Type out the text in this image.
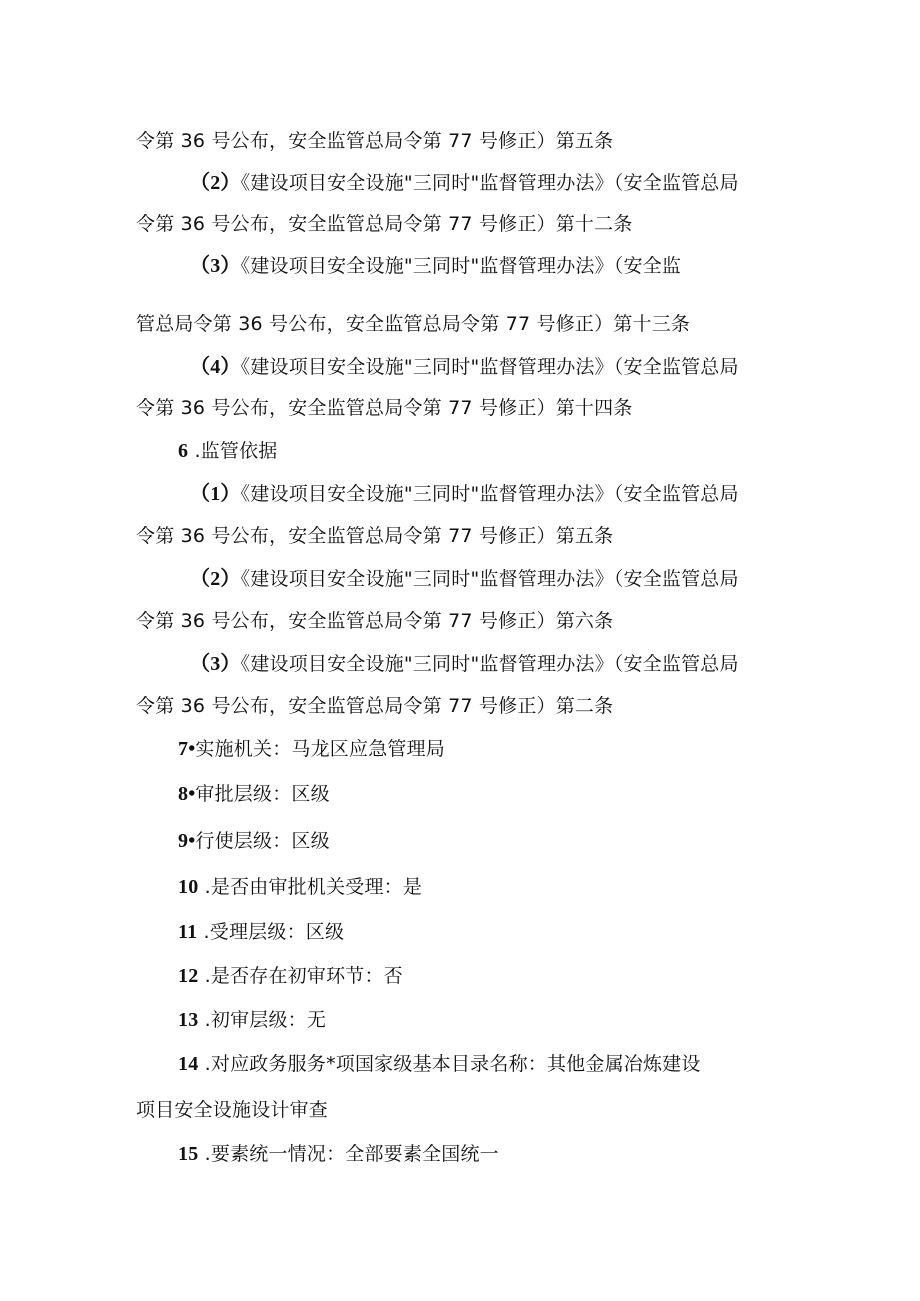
令第 36 号公布，安全监管总局令第 77 号修正）第五条
（2）《建设项目安全设施"三同时"监督管理办法》（安全监管总局
令第 36 号公布，安全监管总局令第 77 号修正）第十二条
（3）《建设项目安全设施"三同时"监督管理办法》（安全监
管总局令第 36 号公布，安全监管总局令第 77 号修正）第十三条
（4）《建设项目安全设施"三同时"监督管理办法》（安全监管总局
令第 36 号公布，安全监管总局令第 77 号修正）第十四条
6 .监管依据
（1）《建设项目安全设施"三同时"监督管理办法》（安全监管总局
令第 36 号公布，安全监管总局令第 77 号修正）第五条
（2）《建设项目安全设施"三同时"监督管理办法》（安全监管总局
令第 36 号公布，安全监管总局令第 77 号修正）第六条
（3）《建设项目安全设施"三同时"监督管理办法》（安全监管总局
令第 36 号公布，安全监管总局令第 77 号修正）第二条
7•实施机关：马龙区应急管理局
8•审批层级：区级
9•行使层级：区级
10 .是否由审批机关受理：是
11 .受理层级：区级
12 .是否存在初审环节：否
13 .初审层级：无
14 .对应政务服务*项国家级基本目录名称：其他金属冶炼建设
项目安全设施设计审查
15 .要素统一情况：全部要素全国统一
